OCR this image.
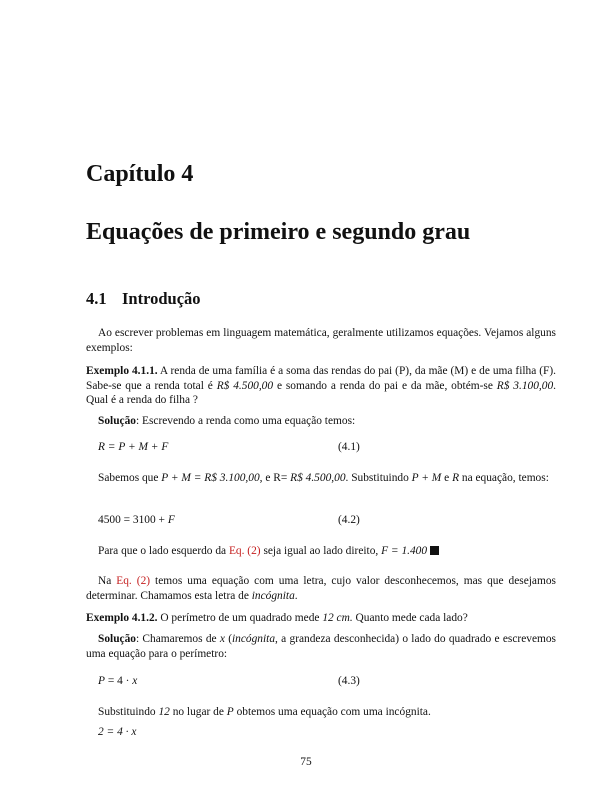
Capítulo 4
Equações de primeiro e segundo grau
4.1 Introdução
Ao escrever problemas em linguagem matemática, geralmente utilizamos equações. Vejamos alguns exemplos:
Exemplo 4.1.1. A renda de uma família é a soma das rendas do pai (P), da mãe (M) e de uma filha (F). Sabe-se que a renda total é R$ 4.500,00 e somando a renda do pai e da mãe, obtém-se R$ 3.100,00. Qual é a renda do filha ?
Solução: Escrevendo a renda como uma equação temos:
R = P + M + F	(4.1)
Sabemos que P + M = R$ 3.100,00, e R= R$ 4.500,00. Substituindo P + M e R na equação, temos:
4500 = 3100 + F	(4.2)
Para que o lado esquerdo da Eq. (2) seja igual ao lado direito, F = 1.400
Na Eq. (2) temos uma equação com uma letra, cujo valor desconhecemos, mas que desejamos determinar. Chamamos esta letra de incógnita.
Exemplo 4.1.2. O perímetro de um quadrado mede 12 cm. Quanto mede cada lado?
Solução: Chamaremos de x (incógnita, a grandeza desconhecida) o lado do quadrado e escrevemos uma equação para o perímetro:
P = 4 · x	(4.3)
Substituindo 12 no lugar de P obtemos uma equação com uma incógnita.
2 = 4 · x
75
